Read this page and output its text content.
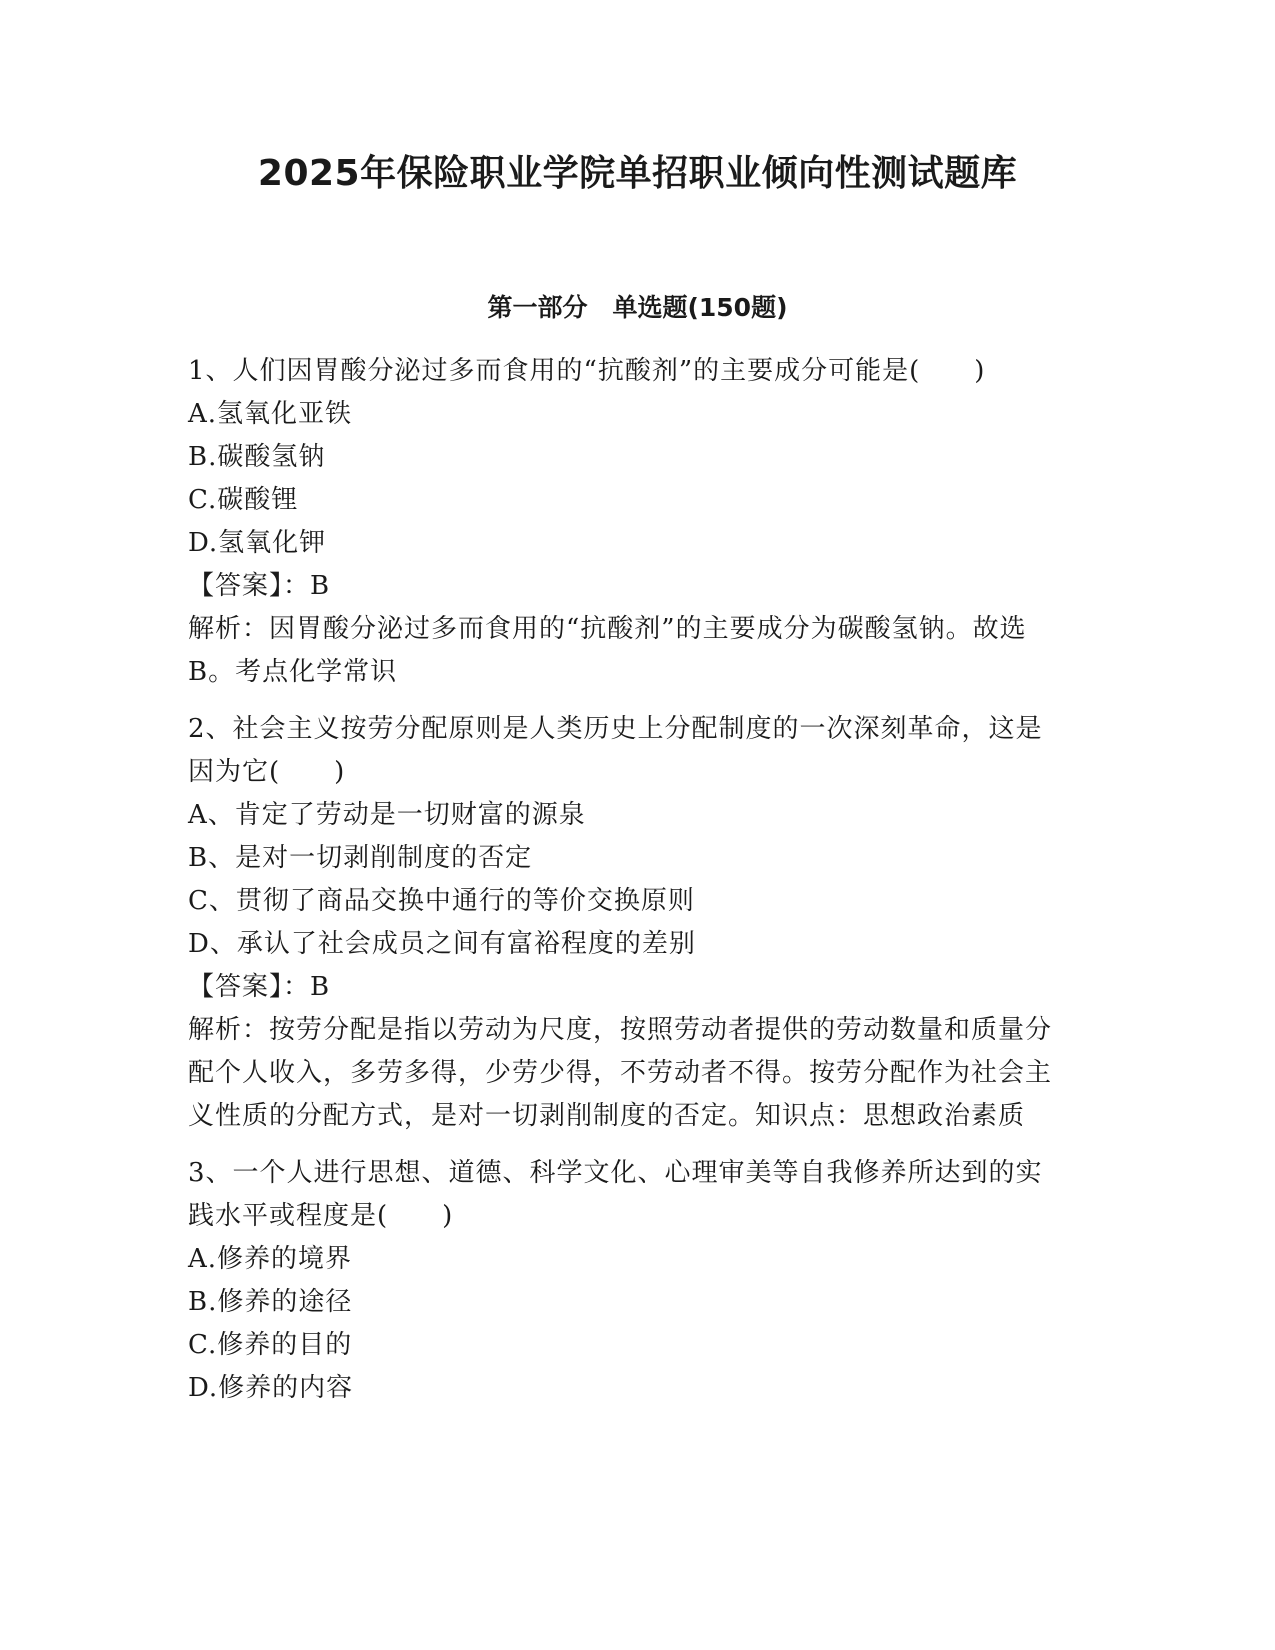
2025年保险职业学院单招职业倾向性测试题库
第一部分　单选题(150题)

1、人们因胃酸分泌过多而食用的“抗酸剂”的主要成分可能是(　　)

A.氢氧化亚铁

B.碳酸氢钠

C.碳酸锂

D.氢氧化钾

【答案】：B

解析：因胃酸分泌过多而食用的“抗酸剂”的主要成分为碳酸氢钠。故选B。考点化学常识

2、社会主义按劳分配原则是人类历史上分配制度的一次深刻革命，这是因为它(　　)

A、肯定了劳动是一切财富的源泉

B、是对一切剥削制度的否定

C、贯彻了商品交换中通行的等价交换原则

D、承认了社会成员之间有富裕程度的差别

【答案】：B

解析：按劳分配是指以劳动为尺度，按照劳动者提供的劳动数量和质量分配个人收入，多劳多得，少劳少得，不劳动者不得。按劳分配作为社会主义性质的分配方式，是对一切剥削制度的否定。知识点：思想政治素质

3、一个人进行思想、道德、科学文化、心理审美等自我修养所达到的实践水平或程度是(　　)

A.修养的境界

B.修养的途径

C.修养的目的

D.修养的内容
